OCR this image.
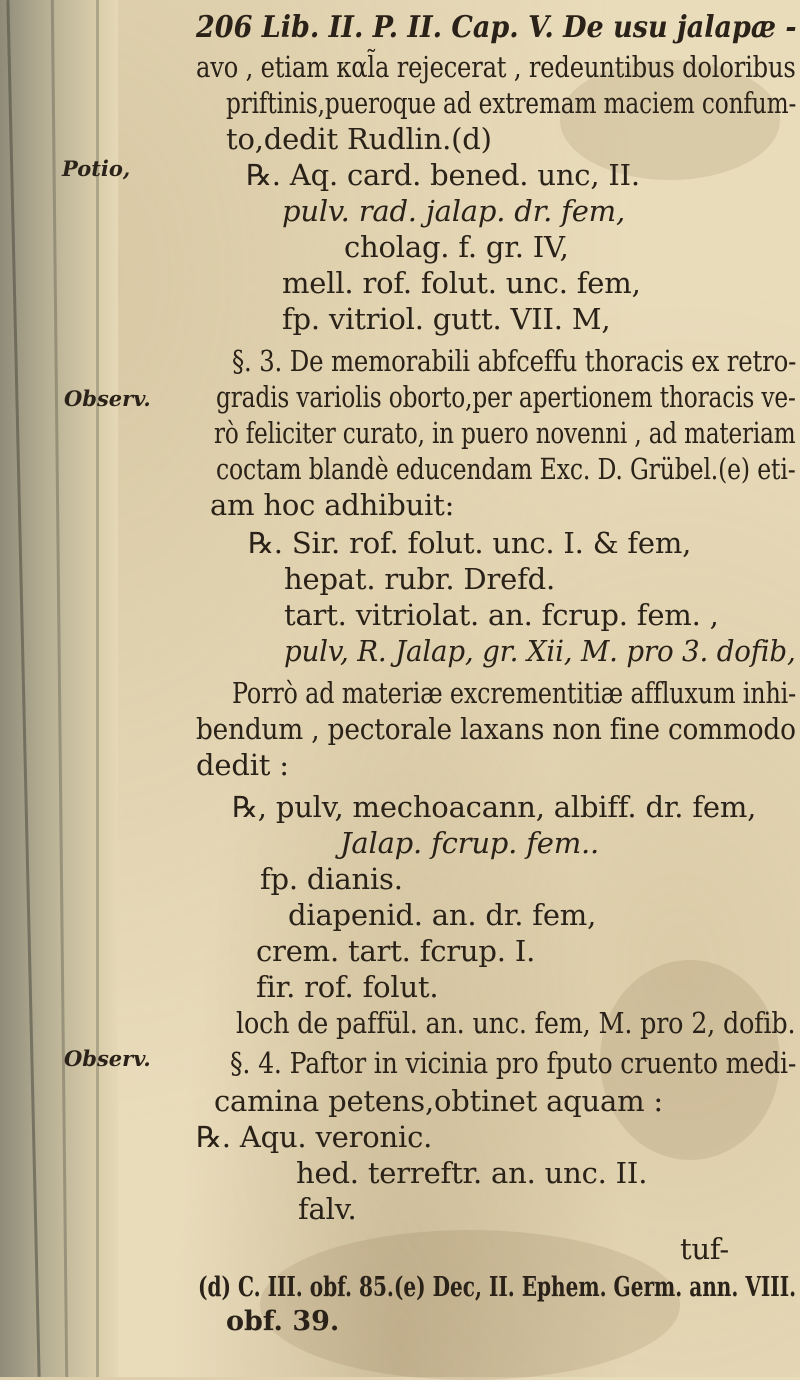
206 Lib. II. P. II. Cap. V. De usu jalapæ -
Potio,
Observ.
Observ.
avo , etiam καl̃a rejecerat , redeuntibus doloribus
priftinis,pueroque ad extremam maciem confum-
to,dedit Rudlin.(d)
℞. Aq. card. bened. unc, II.
pulv. rad. jalap. dr. fem,
cholag. f. gr. IV,
mell. rof. folut. unc. fem,
fp. vitriol. gutt. VII. M,
§. 3. De memorabili abfceffu thoracis ex retro-
gradis variolis oborto,per apertionem thoracis ve-
rò feliciter curato, in puero novenni , ad materiam
coctam blandè educendam Exc. D. Grübel.(e) eti-
am hoc adhibuit:
℞. Sir. rof. folut. unc. I. & fem,
hepat. rubr. Drefd.
tart. vitriolat. an. fcrup. fem. ,
pulv, R. Jalap, gr. Xii, M. pro 3. dofib,
Porrò ad materiæ excrementitiæ affluxum inhi-
bendum , pectorale laxans non fine commodo
dedit :
℞, pulv, mechoacann, albiff. dr. fem,
Jalap. fcrup. fem..
fp. dianis.
diapenid. an. dr. fem,
crem. tart. fcrup. I.
fir. rof. folut.
loch de paffül. an. unc. fem, M. pro 2, dofib.
§. 4. Paftor in vicinia pro fputo cruento medi-
camina petens,obtinet aquam :
℞. Aqu. veronic.
hed. terreftr. an. unc. II.
falv.
tuf-
(d) C. III. obf. 85.(e) Dec, II. Ephem. Germ. ann. VIII.
obf. 39.
